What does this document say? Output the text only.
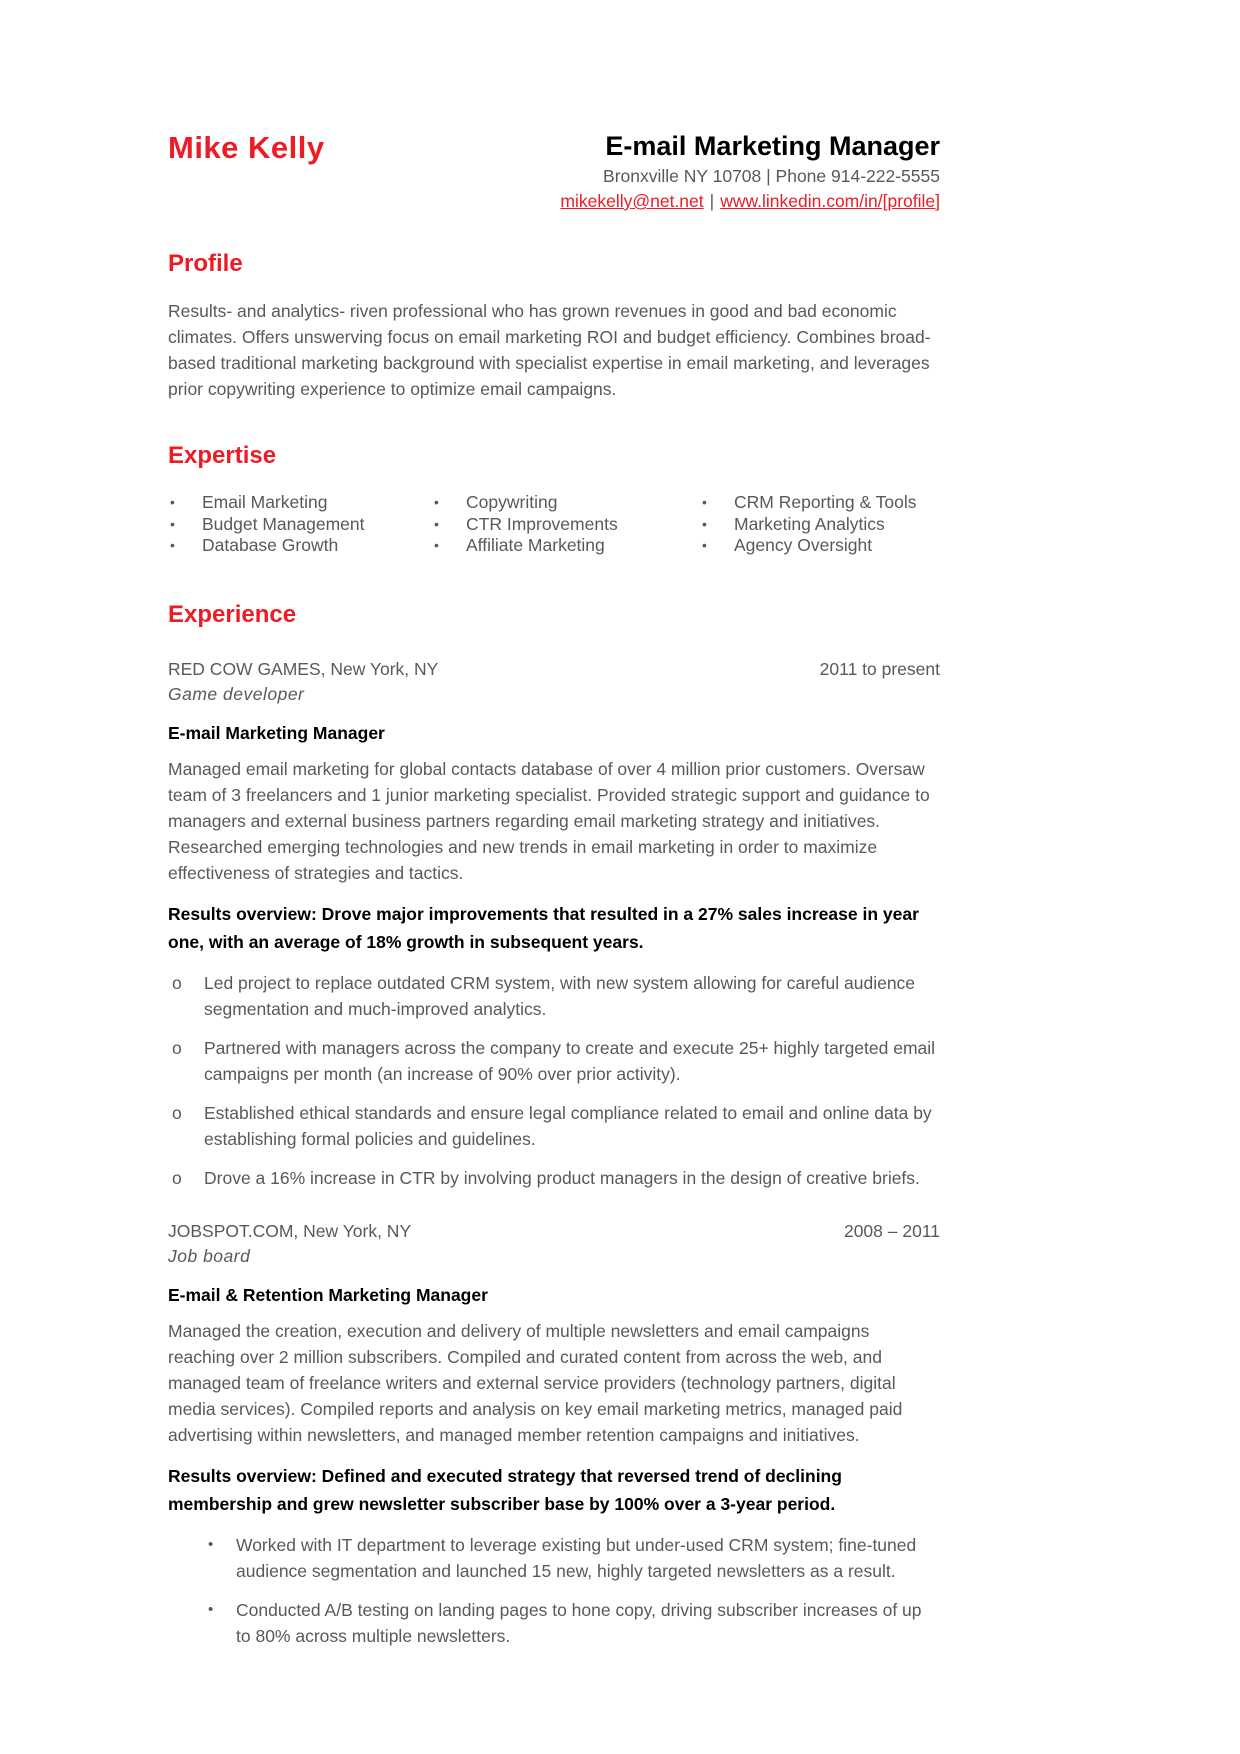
Mike Kelly	E-mail Marketing Manager
Bronxville NY 10708 | Phone 914-222-5555
mikekelly@net.net | www.linkedin.com/in/[profile]
Profile

Results- and analytics- riven professional who has grown revenues in good and bad economic climates. Offers unswerving focus on email marketing ROI and budget efficiency. Combines broad-based traditional marketing background with specialist expertise in email marketing, and leverages prior copywriting experience to optimize email campaigns.

Expertise
•	Email Marketing
•	Budget Management
•	Database Growth
•	Copywriting
•	CTR Improvements
•	Affiliate Marketing
•	CRM Reporting & Tools
•	Marketing Analytics
•	Agency Oversight
Experience
RED COW GAMES, New York, NY	2011 to present
Game developer
E-mail Marketing Manager

Managed email marketing for global contacts database of over 4 million prior customers. Oversaw team of 3 freelancers and 1 junior marketing specialist. Provided strategic support and guidance to managers and external business partners regarding email marketing strategy and initiatives. Researched emerging technologies and new trends in email marketing in order to maximize effectiveness of strategies and tactics.

Results overview: Drove major improvements that resulted in a 27% sales increase in year one, with an average of 18% growth in subsequent years.

o	Led project to replace outdated CRM system, with new system allowing for careful audience segmentation and much-improved analytics.
o	Partnered with managers across the company to create and execute 25+ highly targeted email campaigns per month (an increase of 90% over prior activity).
o	Established ethical standards and ensure legal compliance related to email and online data by establishing formal policies and guidelines.
o	Drove a 16% increase in CTR by involving product managers in the design of creative briefs.
JOBSPOT.COM, New York, NY	2008 – 2011
Job board
E-mail & Retention Marketing Manager

Managed the creation, execution and delivery of multiple newsletters and email campaigns reaching over 2 million subscribers. Compiled and curated content from across the web, and managed team of freelance writers and external service providers (technology partners, digital media services). Compiled reports and analysis on key email marketing metrics, managed paid advertising within newsletters, and managed member retention campaigns and initiatives.

Results overview: Defined and executed strategy that reversed trend of declining membership and grew newsletter subscriber base by 100% over a 3-year period.

•	Worked with IT department to leverage existing but under-used CRM system; fine-tuned audience segmentation and launched 15 new, highly targeted newsletters as a result.
•	Conducted A/B testing on landing pages to hone copy, driving subscriber increases of up to 80% across multiple newsletters.
